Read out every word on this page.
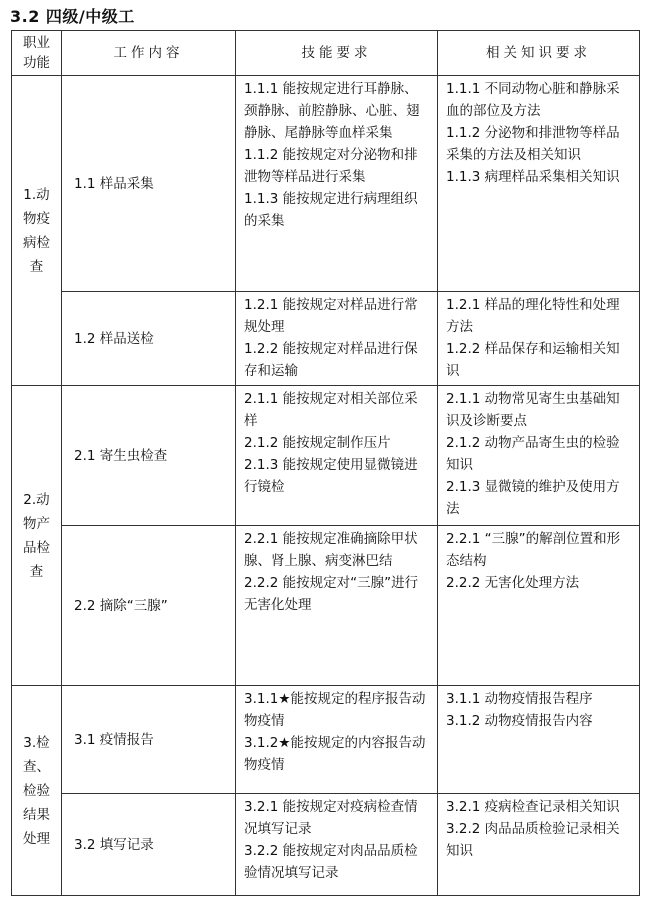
3.2 四级/中级工
职业功能	工作内容	技能要求	相关知识要求
1.动物疫病检查	1.1 样品采集	1.1.1 能按规定进行耳静脉、颈静脉、前腔静脉、心脏、翅静脉、尾静脉等血样采集
1.1.2 能按规定对分泌物和排泄物等样品进行采集
1.1.3 能按规定进行病理组织的采集	1.1.1 不同动物心脏和静脉采血的部位及方法
1.1.2 分泌物和排泄物等样品采集的方法及相关知识
1.1.3 病理样品采集相关知识

	1.2 样品送检	1.2.1 能按规定对样品进行常规处理
1.2.2 能按规定对样品进行保存和运输	1.2.1 样品的理化特性和处理方法
1.2.2 样品保存和运输相关知识

2.动物产品检查	2.1 寄生虫检查	2.1.1 能按规定对相关部位采样
2.1.2 能按规定制作压片
2.1.3 能按规定使用显微镜进行镜检	2.1.1 动物常见寄生虫基础知识及诊断要点
2.1.2 动物产品寄生虫的检验知识
2.1.3 显微镜的维护及使用方法

	2.2 摘除“三腺”	2.2.1 能按规定准确摘除甲状腺、肾上腺、病变淋巴结
2.2.2 能按规定对“三腺”进行无害化处理	2.2.1 “三腺”的解剖位置和形态结构
2.2.2 无害化处理方法

3.检查、检验结果处理	3.1 疫情报告	3.1.1★能按规定的程序报告动物疫情
3.1.2★能按规定的内容报告动物疫情	3.1.1 动物疫情报告程序
3.1.2 动物疫情报告内容

	3.2 填写记录	3.2.1 能按规定对疫病检查情况填写记录
3.2.2 能按规定对肉品品质检验情况填写记录	3.2.1 疫病检查记录相关知识
3.2.2 肉品品质检验记录相关知识
